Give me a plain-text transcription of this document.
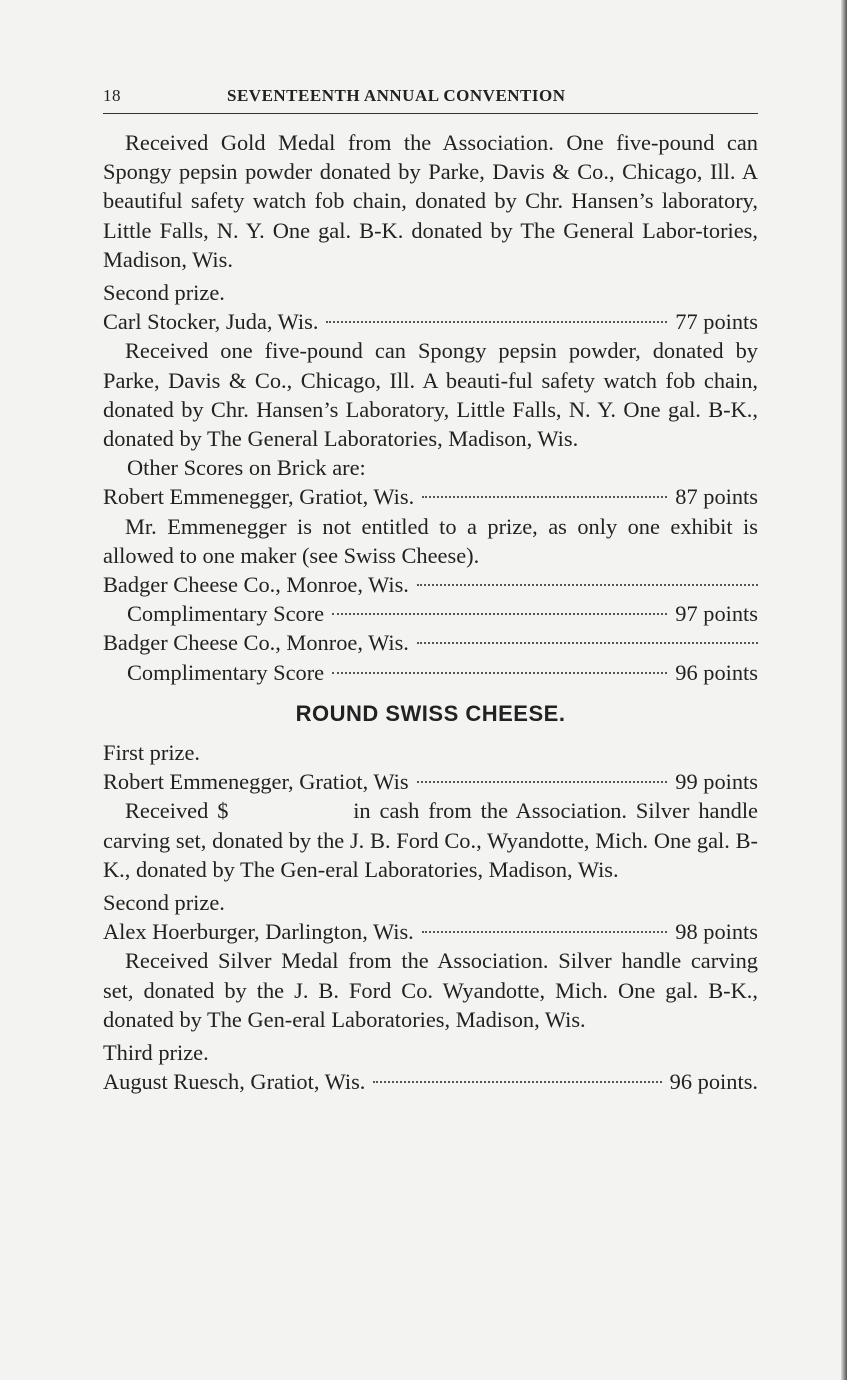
18	SEVENTEENTH ANNUAL CONVENTION

Received Gold Medal from the Association. One five-pound can Spongy pepsin powder donated by Parke, Davis & Co., Chicago, Ill. A beautiful safety watch fob chain, donated by Chr. Hansen’s laboratory, Little Falls, N. Y. One gal. B-K. donated by The General Labor-tories, Madison, Wis.

Second prize.
Carl Stocker, Juda, Wis.	77 points

Received one five-pound can Spongy pepsin powder, donated by Parke, Davis & Co., Chicago, Ill. A beauti-ful safety watch fob chain, donated by Chr. Hansen’s Laboratory, Little Falls, N. Y. One gal. B-K., donated by The General Laboratories, Madison, Wis.

Other Scores on Brick are:
Robert Emmenegger, Gratiot, Wis.	87 points

Mr. Emmenegger is not entitled to a prize, as only one exhibit is allowed to one maker (see Swiss Cheese).

Badger Cheese Co., Monroe, Wis.
Complimentary Score	97 points
Badger Cheese Co., Monroe, Wis.
Complimentary Score	96 points
ROUND SWISS CHEESE.
First prize.
Robert Emmenegger, Gratiot, Wis	99 points

Received $              in cash from the Association. Silver handle carving set, donated by the J. B. Ford Co., Wyandotte, Mich. One gal. B-K., donated by The Gen-eral Laboratories, Madison, Wis.

Second prize.
Alex Hoerburger, Darlington, Wis.	98 points

Received Silver Medal from the Association. Silver handle carving set, donated by the J. B. Ford Co. Wyandotte, Mich. One gal. B-K., donated by The Gen-eral Laboratories, Madison, Wis.

Third prize.
August Ruesch, Gratiot, Wis.	96 points.
